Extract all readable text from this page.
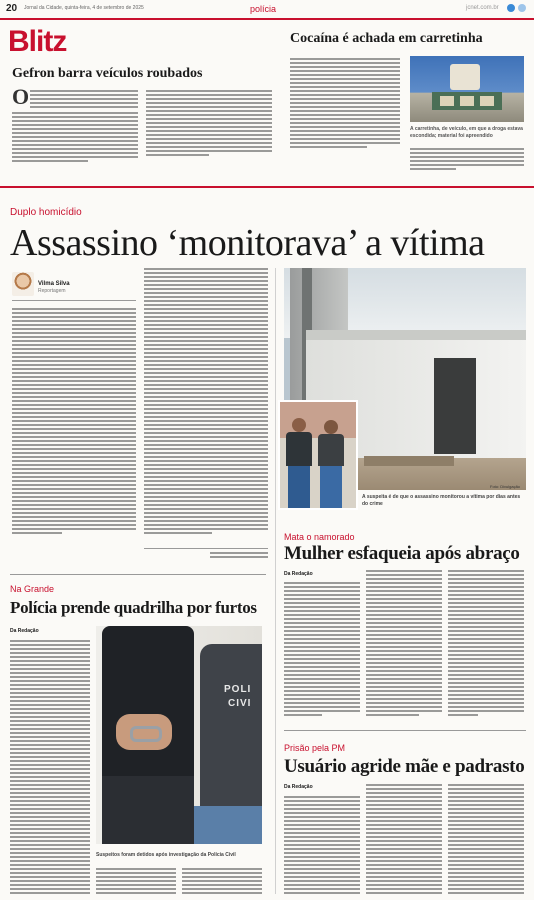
20 Jornal da Cidade, quinta-feira, 4 de setembro de 2025	polícia	jcnet.com.br
Blitz
Gefron barra veículos roubados
Cocaína é achada em carretinha
O
A carretinha, de veículo, em que a droga estava escondida; material foi apreendido
Duplo homicídio
Assassino ‘monitorava’ a vítima
Vilma Silva
Reportagem
Foto: Divulgação
A suspeita é de que o assassino monitorou a vítima por dias antes do crime
Mata o namorado
Mulher esfaqueia após abraço
Da Redação
Prisão pela PM
Usuário agride mãe e padrasto
Da Redação
Na Grande
Polícia prende quadrilha por furtos
Da Redação
POLI
CIVI
Suspeitos foram detidos após investigação da Polícia Civil
